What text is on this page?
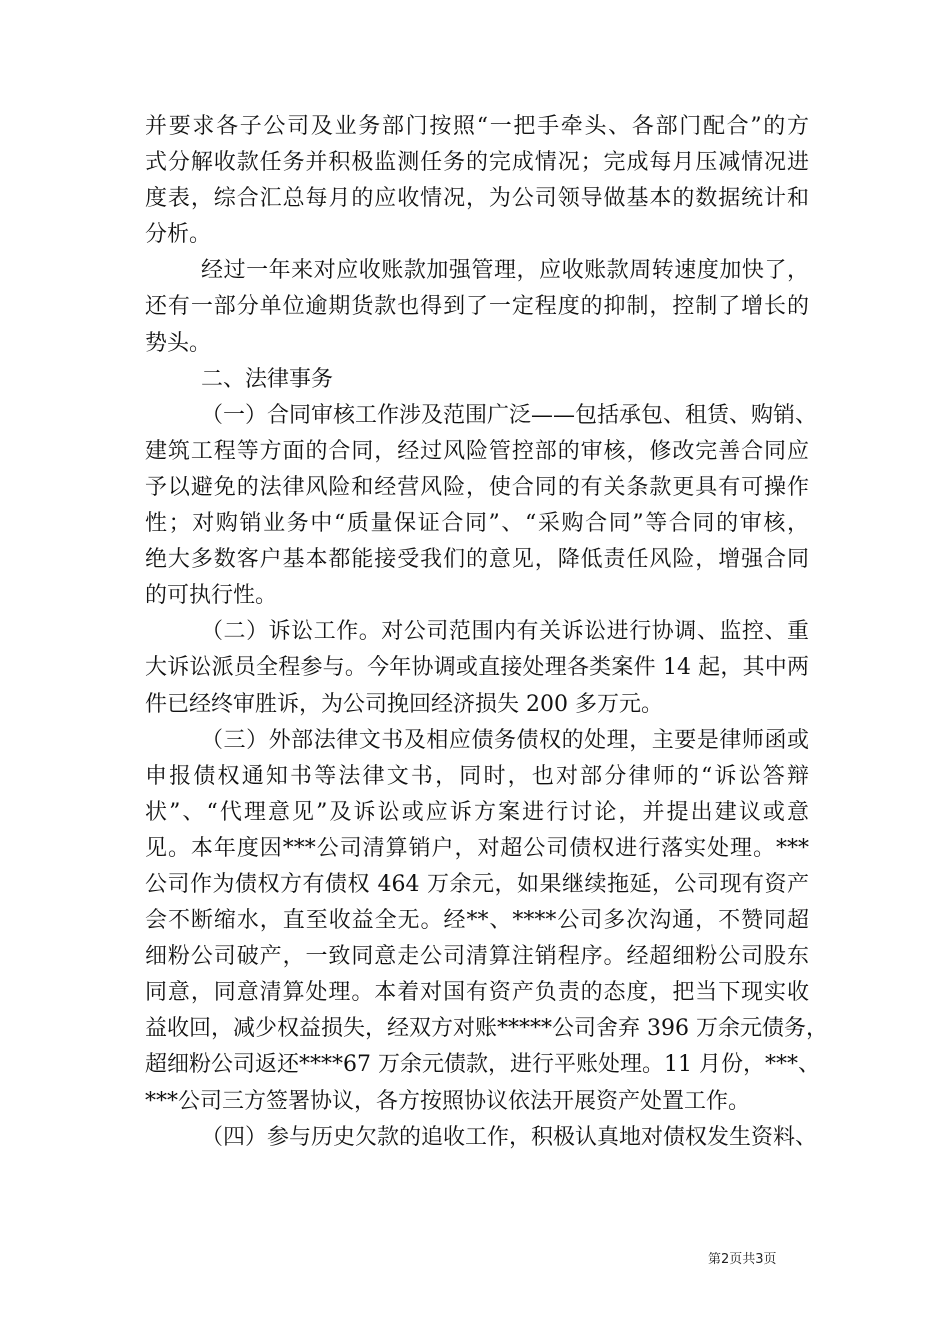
并要求各子公司及业务部门按照“一把手牵头、各部门配合”的方
式分解收款任务并积极监测任务的完成情况；完成每月压减情况进
度表，综合汇总每月的应收情况，为公司领导做基本的数据统计和
分析。
经过一年来对应收账款加强管理，应收账款周转速度加快了，
还有一部分单位逾期货款也得到了一定程度的抑制，控制了增长的
势头。
二、法律事务
（一）合同审核工作涉及范围广泛——包括承包、租赁、购销、
建筑工程等方面的合同，经过风险管控部的审核，修改完善合同应
予以避免的法律风险和经营风险，使合同的有关条款更具有可操作
性；对购销业务中“质量保证合同”、“采购合同”等合同的审核，
绝大多数客户基本都能接受我们的意见，降低责任风险，增强合同
的可执行性。
（二）诉讼工作。对公司范围内有关诉讼进行协调、监控、重
大诉讼派员全程参与。今年协调或直接处理各类案件 14 起，其中两
件已经终审胜诉，为公司挽回经济损失 200 多万元。
（三）外部法律文书及相应债务债权的处理，主要是律师函或
申报债权通知书等法律文书，同时，也对部分律师的“诉讼答辩
状”、“代理意见”及诉讼或应诉方案进行讨论，并提出建议或意
见。本年度因***公司清算销户，对超公司债权进行落实处理。***
公司作为债权方有债权 464 万余元，如果继续拖延，公司现有资产
会不断缩水，直至收益全无。经**、****公司多次沟通，不赞同超
细粉公司破产，一致同意走公司清算注销程序。经超细粉公司股东
同意，同意清算处理。本着对国有资产负责的态度，把当下现实收
益收回，减少权益损失，经双方对账*****公司舍弃 396 万余元债务，
超细粉公司返还****67 万余元债款，进行平账处理。11 月份，***、
***公司三方签署协议，各方按照协议依法开展资产处置工作。
（四）参与历史欠款的追收工作，积极认真地对债权发生资料、
第2页共3页
